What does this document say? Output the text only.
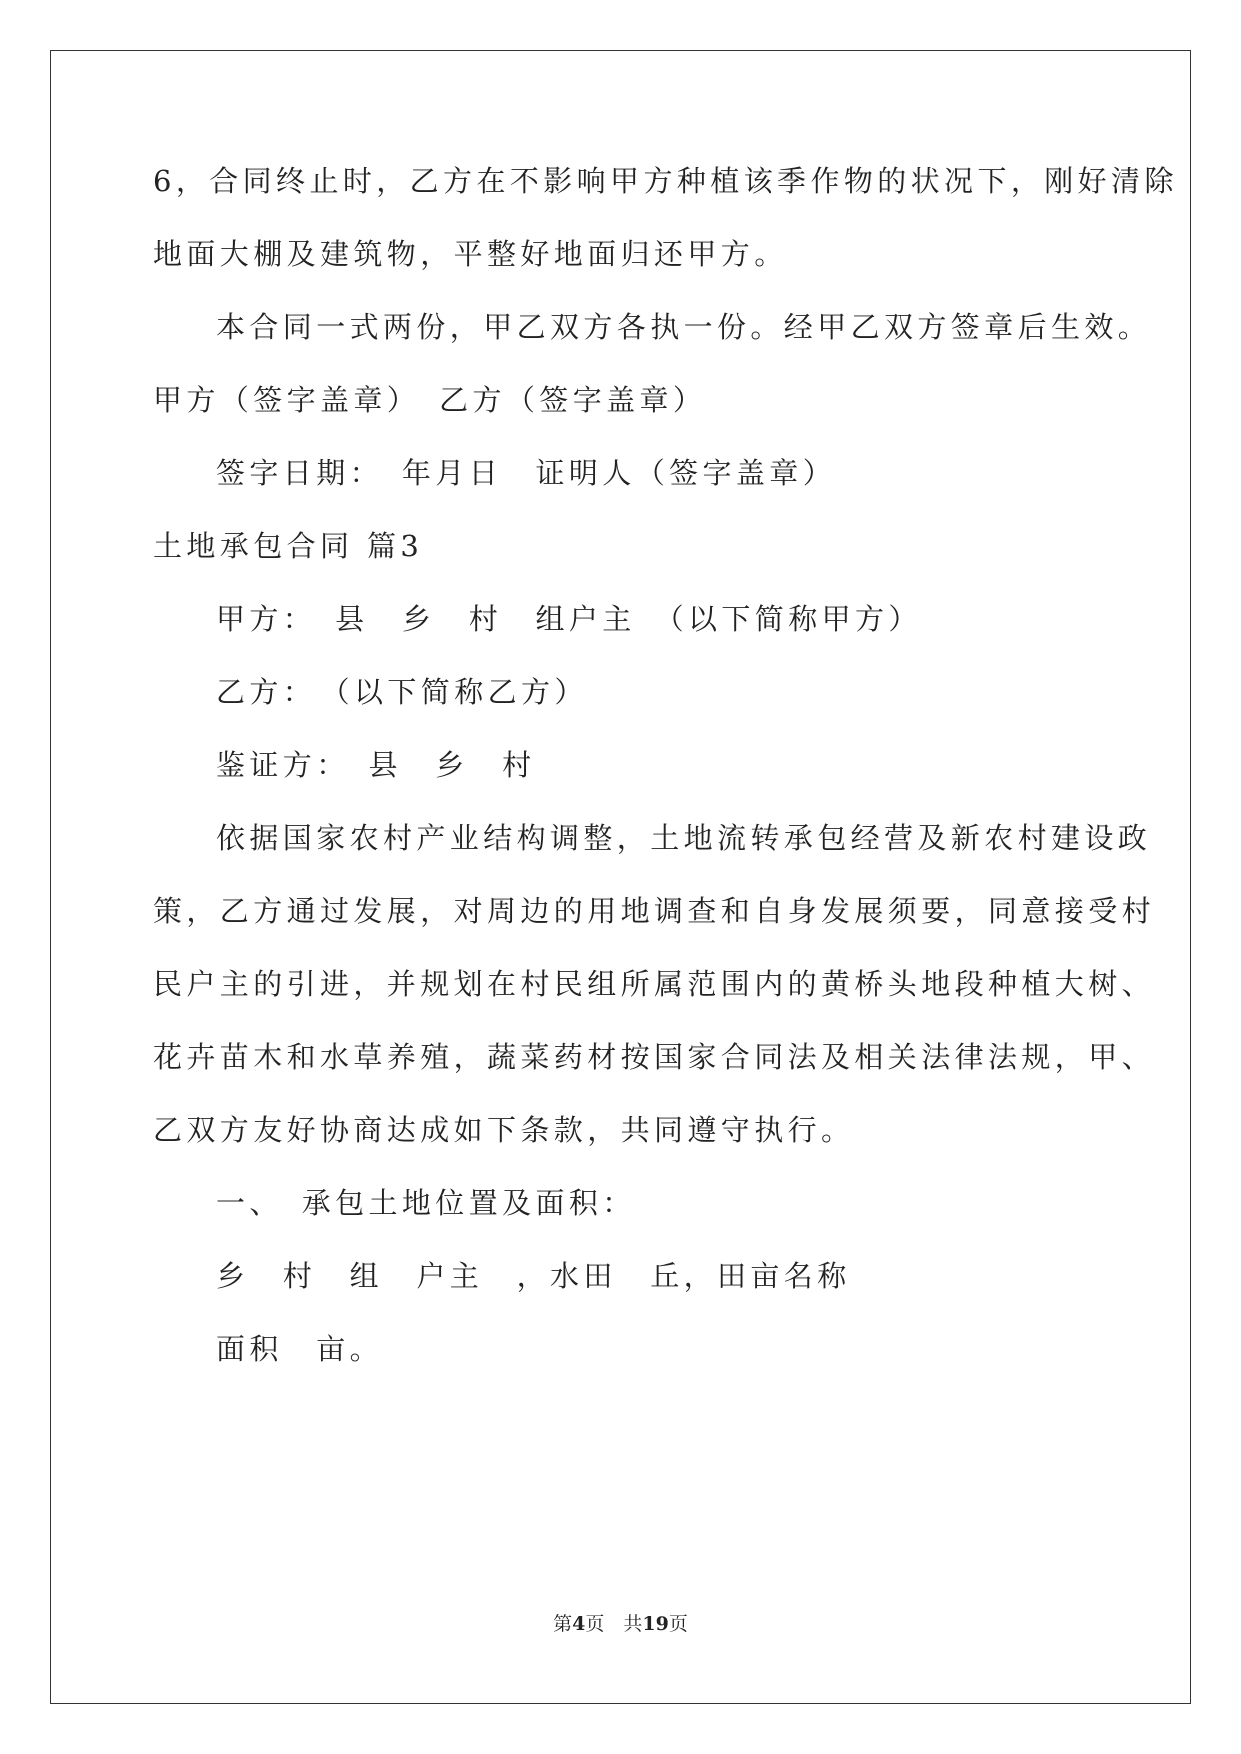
6，合同终止时，乙方在不影响甲方种植该季作物的状况下，刚好清除

地面大棚及建筑物，平整好地面归还甲方。

本合同一式两份，甲乙双方各执一份。经甲乙双方签章后生效。

甲方（签字盖章）　乙方（签字盖章）

签字日期：　年月日　证明人（签字盖章）

土地承包合同 篇3

甲方：　县　乡　村　组户主　（以下简称甲方）

乙方：　（以下简称乙方）

鉴证方：　县　乡　村

依据国家农村产业结构调整，土地流转承包经营及新农村建设政

策，乙方通过发展，对周边的用地调查和自身发展须要，同意接受村

民户主的引进，并规划在村民组所属范围内的黄桥头地段种植大树、

花卉苗木和水草养殖，蔬菜药材按国家合同法及相关法律法规，甲、

乙双方友好协商达成如下条款，共同遵守执行。

一、　承包土地位置及面积：

乡　村　组　户主　，水田　丘，田亩名称

面积　亩。

第4页　共19页
